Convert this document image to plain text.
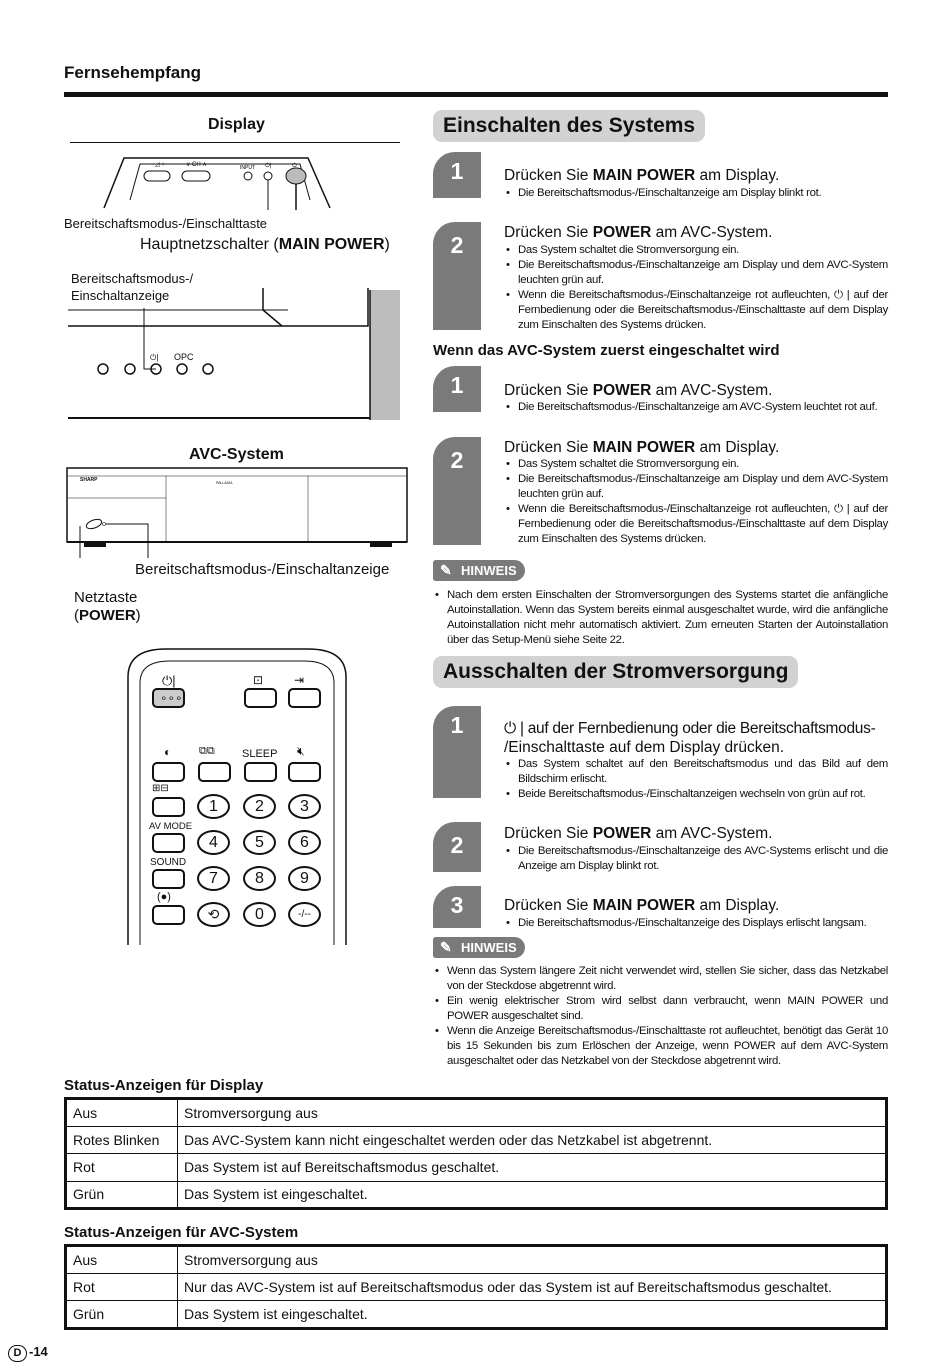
Fernsehempfang
Display
– ◿ +	∨ CH ∧	INPUT ⏻|	⏻
Bereitschaftsmodus-/Einschalttaste
Hauptnetzschalter (MAIN POWER)
Bereitschaftsmodus-/
Einschaltanzeige
⏻| OPC
AVC-System
PALLADIA
SHARP
Bereitschaftsmodus-/Einschaltanzeige
Netztaste
(POWER)
⏻|
∘∘∘
⊡	⇥
◐	⧉⧉ SLEEP 🔇︎
⊞⊟
AV MODE
SOUND
(●)
1	2	3
4	5	6
7	8	9
⟲	0	-/--
Einschalten des Systems
1	Drücken Sie MAIN POWER am Display.
• Die Bereitschaftsmodus-/Einschaltanzeige am Display blinkt rot.
2	Drücken Sie POWER am AVC-System.
• Das System schaltet die Stromversorgung ein.
• Die Bereitschaftsmodus-/Einschaltanzeige am Display und dem AVC-System leuchten grün auf.
• Wenn die Bereitschaftsmodus-/Einschaltanzeige rot aufleuchten, ⏻ | auf der Fernbedienung oder die Bereitschaftsmodus-/Einschalttaste auf dem Display zum Einschalten des Systems drücken.
Wenn das AVC-System zuerst eingeschaltet wird
1	Drücken Sie POWER am AVC-System.
• Die Bereitschaftsmodus-/Einschaltanzeige am AVC-System leuchtet rot auf.
2	Drücken Sie MAIN POWER am Display.
• Das System schaltet die Stromversorgung ein.
• Die Bereitschaftsmodus-/Einschaltanzeige am Display und dem AVC-System leuchten grün auf.
• Wenn die Bereitschaftsmodus-/Einschaltanzeige rot aufleuchten, ⏻ | auf der Fernbedienung oder die Bereitschaftsmodus-/Einschalttaste auf dem Display zum Einschalten des Systems drücken.
✎ HINWEIS
• Nach dem ersten Einschalten der Stromversorgungen des Systems startet die anfängliche Autoinstallation. Wenn das System bereits einmal ausgeschaltet wurde, wird die anfängliche Autoinstallation nicht mehr automatisch aktiviert. Zum erneuten Starten der Autoinstallation über das Setup-Menü siehe Seite 22.
Ausschalten der Stromversorgung
1	⏻ | auf der Fernbedienung oder die Bereitschaftsmodus-
/Einschalttaste auf dem Display drücken.
• Das System schaltet auf den Bereitschaftsmodus und das Bild auf dem Bildschirm erlischt.
• Beide Bereitschaftsmodus-/Einschaltanzeigen wechseln von grün auf rot.
2	Drücken Sie POWER am AVC-System.
• Die Bereitschaftsmodus-/Einschaltanzeige des AVC-Systems erlischt und die Anzeige am Display blinkt rot.
3	Drücken Sie MAIN POWER am Display.
• Die Bereitschaftsmodus-/Einschaltanzeige des Displays erlischt langsam.
✎ HINWEIS
• Wenn das System längere Zeit nicht verwendet wird, stellen Sie sicher, dass das Netzkabel von der Steckdose abgetrennt wird.
• Ein wenig elektrischer Strom wird selbst dann verbraucht, wenn MAIN POWER und POWER ausgeschaltet sind.
• Wenn die Anzeige Bereitschaftsmodus-/Einschalttaste rot aufleuchtet, benötigt das Gerät 10 bis 15 Sekunden bis zum Erlöschen der Anzeige, wenn POWER auf dem AVC-System ausgeschaltet oder das Netzkabel von der Steckdose abgetrennt wird.
Status-Anzeigen für Display
Aus	Stromversorgung aus
Rotes Blinken	Das AVC-System kann nicht eingeschaltet werden oder das Netzkabel ist abgetrennt.
Rot	Das System ist auf Bereitschaftsmodus geschaltet.
Grün	Das System ist eingeschaltet.
Status-Anzeigen für AVC-System
Aus	Stromversorgung aus
Rot	Nur das AVC-System ist auf Bereitschaftsmodus oder das System ist auf Bereitschaftsmodus geschaltet.
Grün	Das System ist eingeschaltet.
D -14
